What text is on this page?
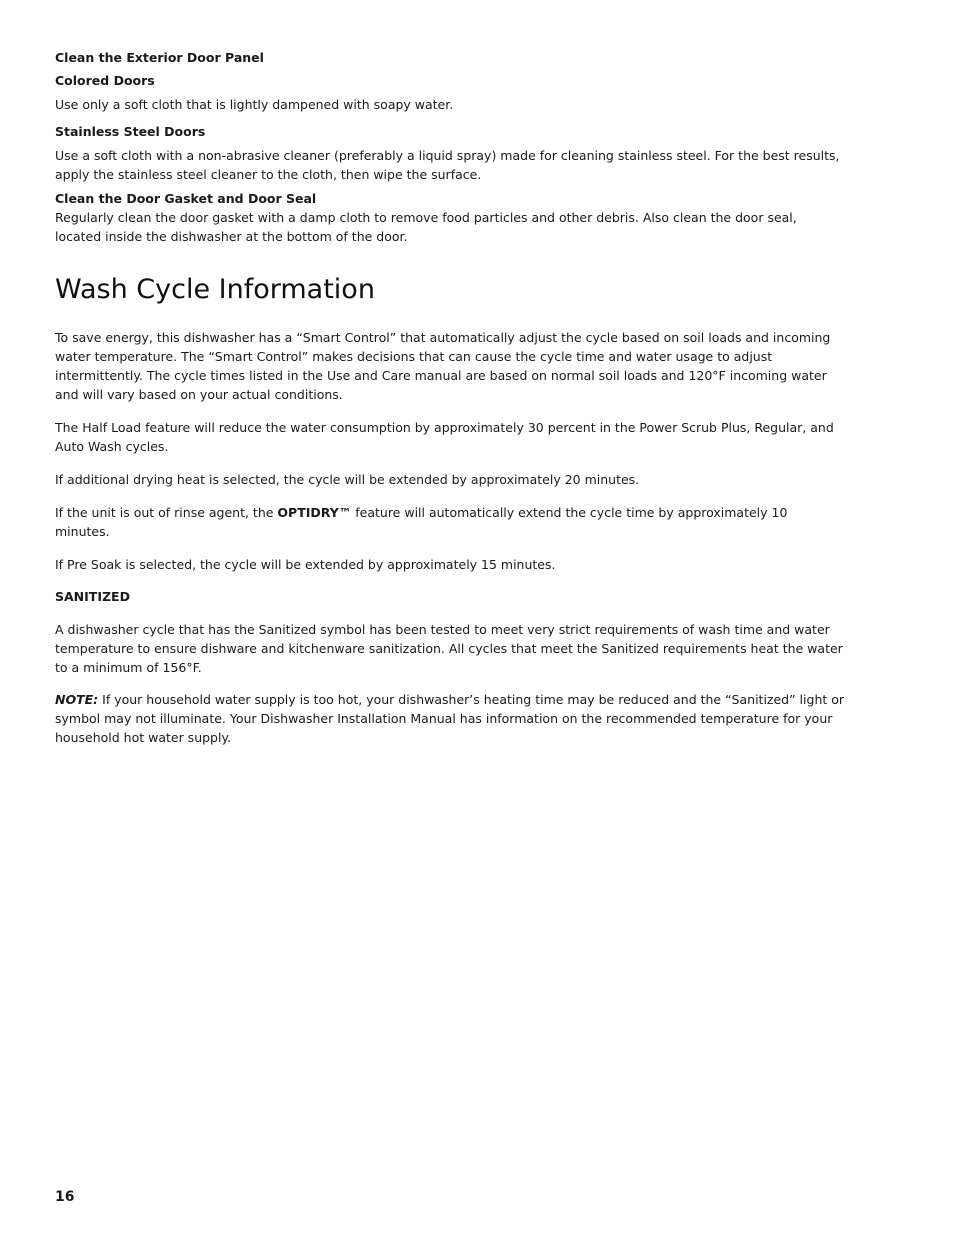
Clean the Exterior Door Panel

Colored Doors

Use only a soft cloth that is lightly dampened with soapy water.

Stainless Steel Doors

Use a soft cloth with a non-abrasive cleaner (preferably a liquid spray) made for cleaning stainless steel. For the best results, apply the stainless steel cleaner to the cloth, then wipe the surface.

Clean the Door Gasket and Door Seal

Regularly clean the door gasket with a damp cloth to remove food particles and other debris. Also clean the door seal, located inside the dishwasher at the bottom of the door.

Wash Cycle Information

To save energy, this dishwasher has a “Smart Control” that automatically adjust the cycle based on soil loads and incoming water temperature. The “Smart Control” makes decisions that can cause the cycle time and water usage to adjust intermittently. The cycle times listed in the Use and Care manual are based on normal soil loads and 120°F incoming water and will vary based on your actual conditions.

The Half Load feature will reduce the water consumption by approximately 30 percent in the Power Scrub Plus, Regular, and Auto Wash cycles.

If additional drying heat is selected, the cycle will be extended by approximately 20 minutes.

If the unit is out of rinse agent, the OPTIDRY™ feature will automatically extend the cycle time by approximately 10 minutes.

If Pre Soak is selected, the cycle will be extended by approximately 15 minutes.

SANITIZED

A dishwasher cycle that has the Sanitized symbol has been tested to meet very strict requirements of wash time and water temperature to ensure dishware and kitchenware sanitization. All cycles that meet the Sanitized requirements heat the water to a minimum of 156°F.

NOTE: If your household water supply is too hot, your dishwasher’s heating time may be reduced and the “Sanitized” light or symbol may not illuminate. Your Dishwasher Installation Manual has information on the recommended temperature for your household hot water supply.

16
